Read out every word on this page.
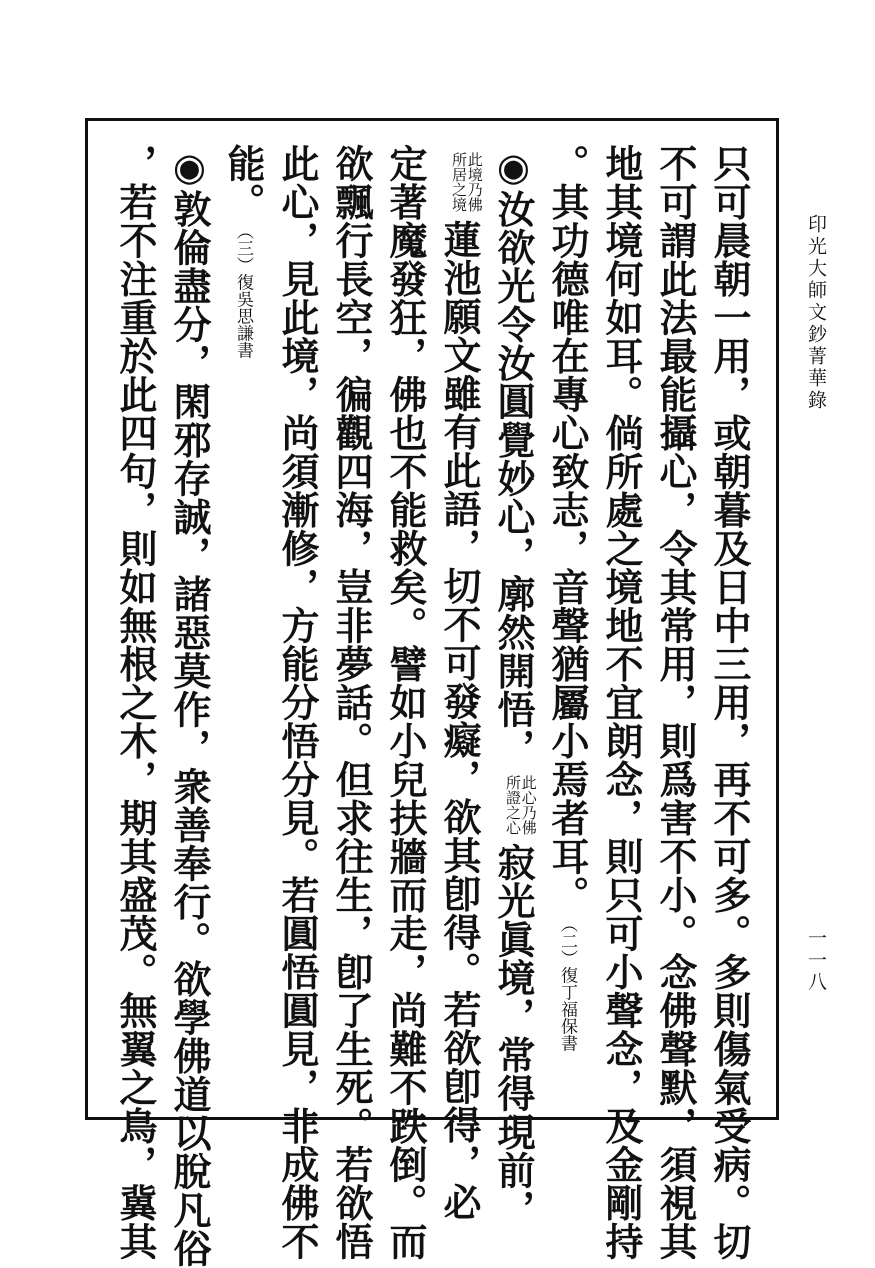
印光大師文鈔菁華錄
一一八
只可晨朝一用，或朝暮及日中三用，再不可多。多則傷氣受病。切
不可謂此法最能攝心，令其常用，則爲害不小。念佛聲默，須視其
地其境何如耳。倘所處之境地不宜朗念，則只可小聲念，及金剛持
。其功德唯在專心致志，音聲猶屬小焉者耳。（二）復丁福保書
◉汝欲光令汝圓覺妙心，廓然開悟，此心乃佛
所證之心寂光眞境，常得現前，
此境乃佛
所居之境蓮池願文雖有此語，切不可發癡，欲其卽得。若欲卽得，必
定著魔發狂，佛也不能救矣。譬如小兒扶牆而走，尚難不跌倒。而
欲飄行長空，徧觀四海，豈非夢話。但求往生，卽了生死。若欲悟
此心，見此境，尚須漸修，方能分悟分見。若圓悟圓見，非成佛不
能。（三）復吳思謙書
◉敦倫盡分，閑邪存誠，諸惡莫作，衆善奉行。欲學佛道以脫凡俗
，若不注重於此四句，則如無根之木，期其盛茂。無翼之鳥，冀其
